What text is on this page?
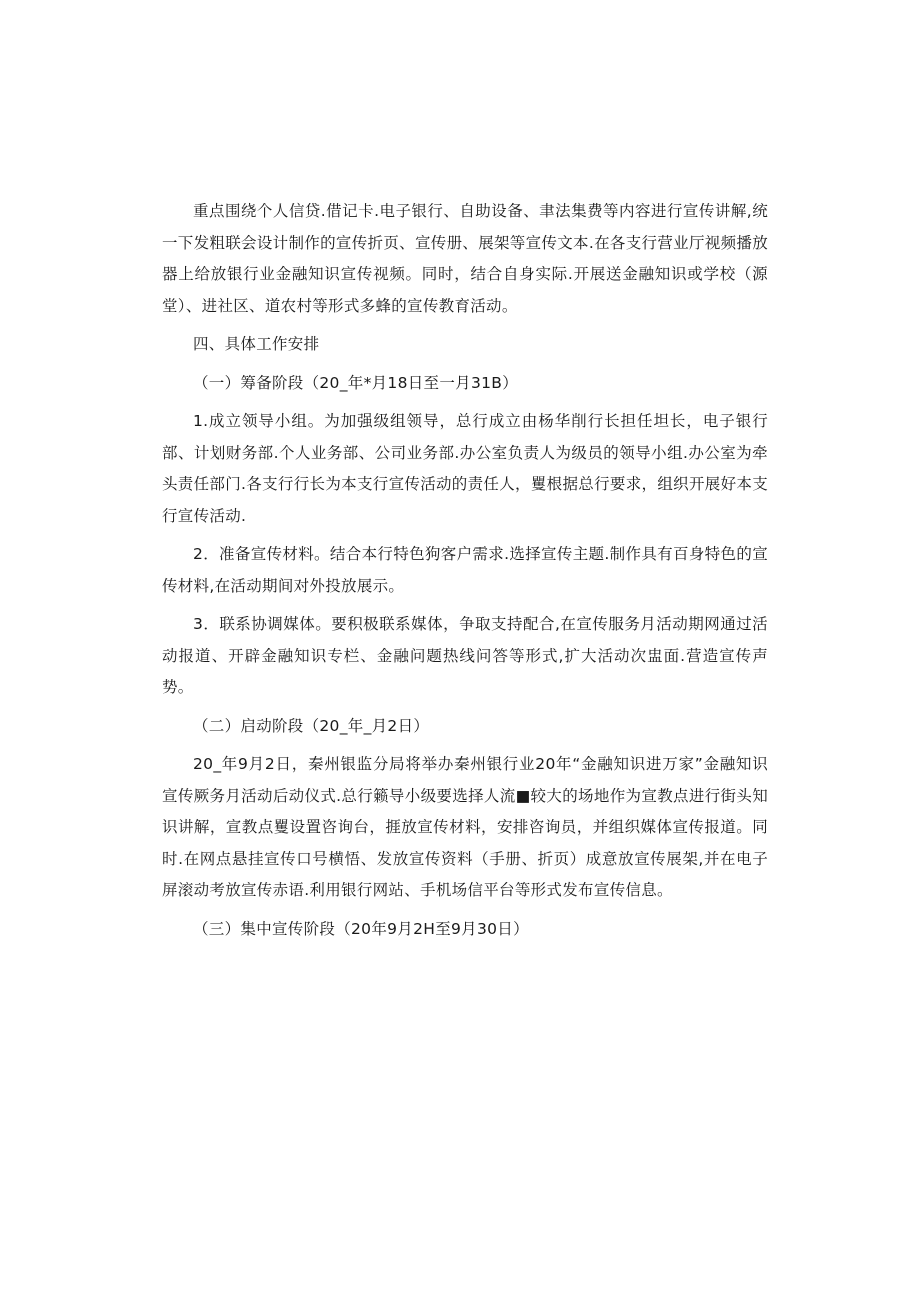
重点围绕个人信贷.借记卡.电子银行、自助设备、聿法集费等内容进行宣传讲解,统一下发粗联会设计制作的宣传折页、宣传册、展架等宣传文本.在各支行营业厅视频播放器上给放银行业金融知识宣传视频。同时，结合自身实际.开展送金融知识或学校（源堂）、进社区、道农村等形式多蜂的宣传教育活动。

四、具体工作安排

（一）筹备阶段（20_年*月18日至一月31B）

1.成立领导小组。为加强级组领导，总行成立由杨华削行长担任坦长，电子银行部、计划财务部.个人业务部、公司业务部.办公室负责人为级员的领导小组.办公室为牵头责任部门.各支行行长为本支行宣传活动的责任人，矍根据总行要求，组织开展好本支行宣传活动.

2．准备宣传材料。结合本行特色狗客户需求.选择宣传主题.制作具有百身特色的宣传材料,在活动期间对外投放展示。

3．联系协调媒体。要积极联系媒体，争取支持配合,在宣传服务月活动期网通过活动报道、开辟金融知识专栏、金融问题热线问答等形式,扩大活动次盅面.营造宣传声势。

（二）启动阶段（20_年_月2日）

20_年9月2日，秦州银监分局将举办秦州银行业20年“金融知识进万家”金融知识宣传厥务月活动后动仪式.总行籁导小级要选择人流■较大的场地作为宣教点进行街头知识讲解，宣教点矍设置咨询台，捱放宣传材料，安排咨询员，并组织媒体宣传报道。同时.在网点悬挂宣传口号横悟、发放宣传资料（手册、折页）成意放宣传展架,并在电子屏滚动考放宣传赤语.利用银行网站、手机场信平台等形式发布宣传信息。

（三）集中宣传阶段（20年9月2H至9月30日）
